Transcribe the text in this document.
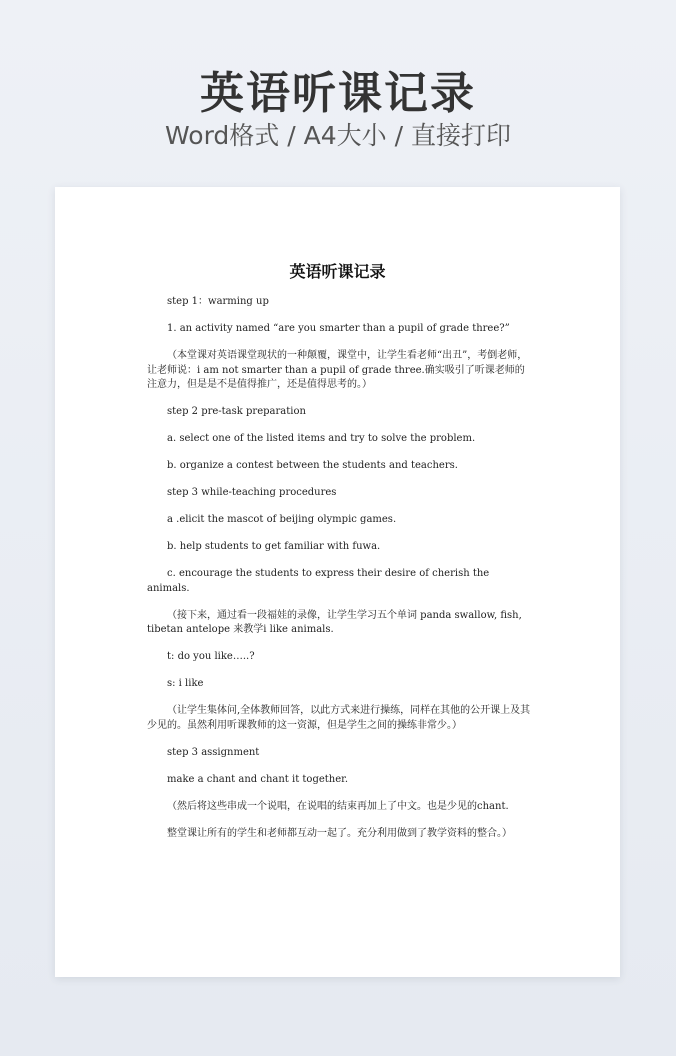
英语听课记录
Word格式 / A4大小 / 直接打印
英语听课记录

step 1：warming up

1. an activity named “are you smarter than a pupil of grade three?”

（本堂课对英语课堂现状的一种颠覆，课堂中，让学生看老师“出丑”，考倒老师，让老师说：i am not smarter than a pupil of grade three.确实吸引了听课老师的注意力，但是是不是值得推广，还是值得思考的。）

step 2 pre-task preparation

a. select one of the listed items and try to solve the problem.

b. organize a contest between the students and teachers.

step 3 while-teaching procedures

a .elicit the mascot of beijing olympic games.

b. help students to get familiar with fuwa.

c. encourage the students to express their desire of cherish the animals.

（接下来，通过看一段福娃的录像，让学生学习五个单词 panda swallow, fish, tibetan antelope 来教学i like animals.

t: do you like…..?

s: i like

（让学生集体问,全体教师回答，以此方式来进行操练，同样在其他的公开课上及其少见的。虽然利用听课教师的这一资源，但是学生之间的操练非常少。）

step 3 assignment

make a chant and chant it together.

（然后将这些串成一个说唱，在说唱的结束再加上了中文。也是少见的chant.

整堂课让所有的学生和老师都互动一起了。充分利用做到了教学资料的整合。）
